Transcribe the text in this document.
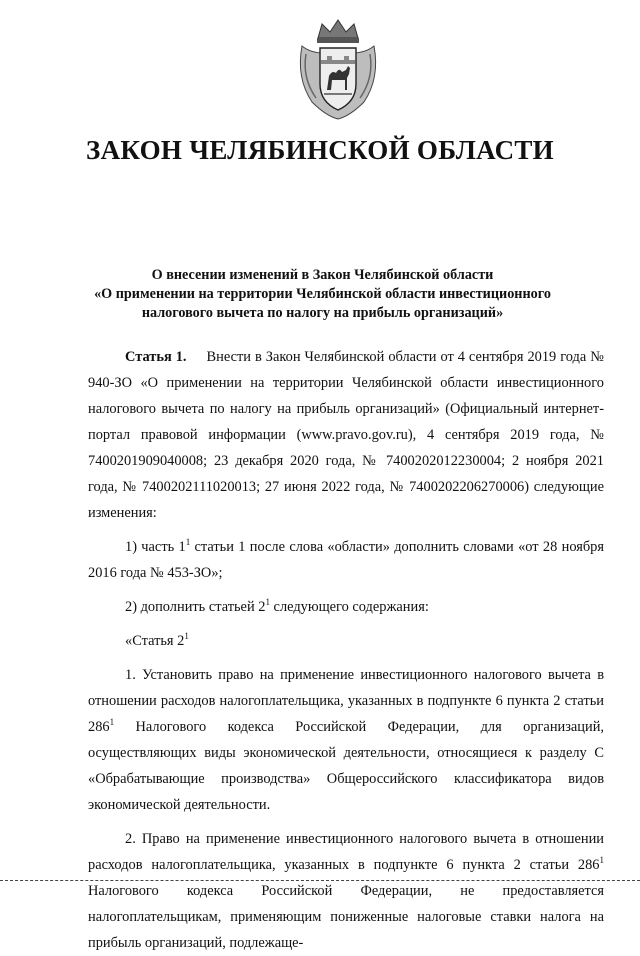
ЗАКОН ЧЕЛЯБИНСКОЙ ОБЛАСТИ
О внесении изменений в Закон Челябинской области
«О применении на территории Челябинской области инвестиционного
налогового вычета по налогу на прибыль организаций»
Статья 1. Внести в Закон Челябинской области от 4 сентября 2019 года № 940-ЗО «О применении на территории Челябинской области инвестиционного налогового вычета по налогу на прибыль организаций» (Официальный интернет-портал правовой информации (www.pravo.gov.ru), 4 сентября 2019 года, № 7400201909040008; 23 декабря 2020 года, № 7400202012230004; 2 ноября 2021 года, № 7400202111020013; 27 июня 2022 года, № 7400202206270006) следующие изменения:
1) часть $1^1$ статьи 1 после слова «области» дополнить словами «от 28 ноября 2016 года № 453-ЗО»;
2) дополнить статьей $2^1$ следующего содержания:
«Статья $2^1$
1. Установить право на применение инвестиционного налогового вычета в отношении расходов налогоплательщика, указанных в подпункте 6 пункта 2 статьи $286^1$ Налогового кодекса Российской Федерации, для организаций, осуществляющих виды экономической деятельности, относящиеся к разделу С «Обрабатывающие производства» Общероссийского классификатора видов экономической деятельности.
2. Право на применение инвестиционного налогового вычета в отношении расходов налогоплательщика, указанных в подпункте 6 пункта 2 статьи $286^1$ Налогового кодекса Российской Федерации, не предоставляется налогоплательщикам, применяющим пониженные налоговые ставки налога на прибыль организаций, подлежаще-
